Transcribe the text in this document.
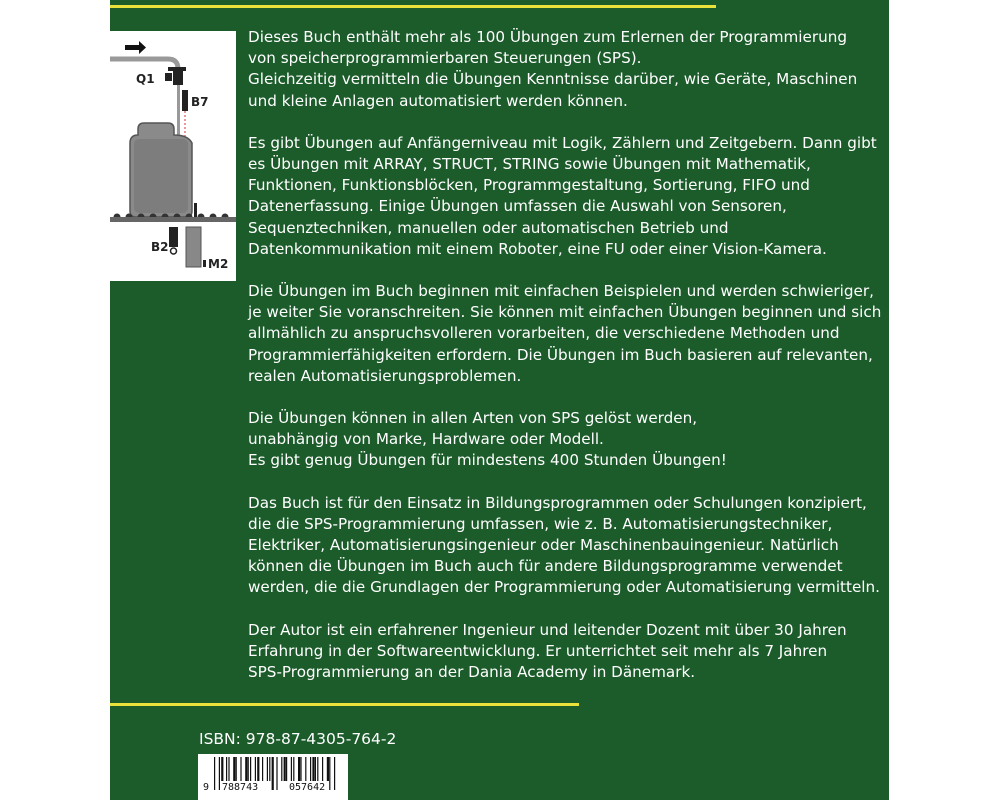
Q1
B7
B2
M2

Dieses Buch enthält mehr als 100 Übungen zum Erlernen der Programmierung
von speicherprogrammierbaren Steuerungen (SPS).
Gleichzeitig vermitteln die Übungen Kenntnisse darüber, wie Geräte, Maschinen
und kleine Anlagen automatisiert werden können.

Es gibt Übungen auf Anfängerniveau mit Logik, Zählern und Zeitgebern. Dann gibt
es Übungen mit ARRAY, STRUCT, STRING sowie Übungen mit Mathematik,
Funktionen, Funktionsblöcken, Programmgestaltung, Sortierung, FIFO und
Datenerfassung. Einige Übungen umfassen die Auswahl von Sensoren,
Sequenztechniken, manuellen oder automatischen Betrieb und
Datenkommunikation mit einem Roboter, eine FU oder einer Vision-Kamera.

Die Übungen im Buch beginnen mit einfachen Beispielen und werden schwieriger,
je weiter Sie voranschreiten. Sie können mit einfachen Übungen beginnen und sich
allmählich zu anspruchsvolleren vorarbeiten, die verschiedene Methoden und
Programmierfähigkeiten erfordern. Die Übungen im Buch basieren auf relevanten,
realen Automatisierungsproblemen.

Die Übungen können in allen Arten von SPS gelöst werden,
unabhängig von Marke, Hardware oder Modell.
Es gibt genug Übungen für mindestens 400 Stunden Übungen!

Das Buch ist für den Einsatz in Bildungsprogrammen oder Schulungen konzipiert,
die die SPS-Programmierung umfassen, wie z. B. Automatisierungstechniker,
Elektriker, Automatisierungsingenieur oder Maschinenbauingenieur. Natürlich
können die Übungen im Buch auch für andere Bildungsprogramme verwendet
werden, die die Grundlagen der Programmierung oder Automatisierung vermitteln.

Der Autor ist ein erfahrener Ingenieur und leitender Dozent mit über 30 Jahren
Erfahrung in der Softwareentwicklung. Er unterrichtet seit mehr als 7 Jahren
SPS-Programmierung an der Dania Academy in Dänemark.

ISBN: 978-87-4305-764-2
9 788743	057642
